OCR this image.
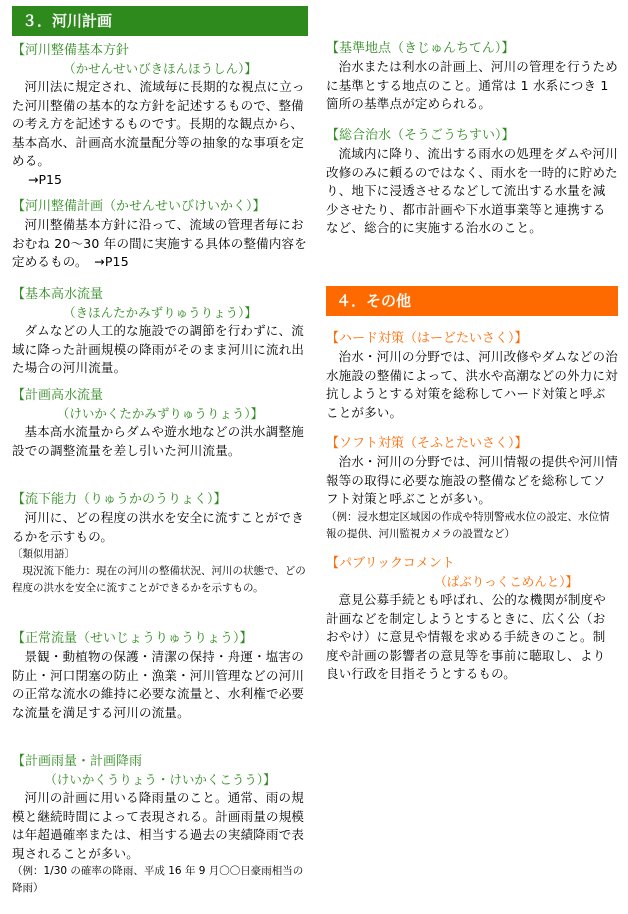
３．河川計画
【河川整備基本方針
（かせんせいびきほんほうしん）】

河川法に規定され、流域毎に長期的な視点に立った河川整備の基本的な方針を記述するもので、整備の考え方を記述するものです。長期的な観点から、基本高水、計画高水流量配分等の抽象的な事項を定める。

→P15
【河川整備計画（かせんせいびけいかく）】

河川整備基本方針に沿って、流域の管理者毎におおむね 20～30 年の間に実施する具体の整備内容を定めるもの。　→P15

【基本高水流量
（きほんたかみずりゅうりょう）】

ダムなどの人工的な施設での調節を行わずに、流域に降った計画規模の降雨がそのまま河川に流れ出た場合の河川流量。

【計画高水流量
（けいかくたかみずりゅうりょう）】

基本高水流量からダムや遊水地などの洪水調整施設での調整流量を差し引いた河川流量。

【流下能力（りゅうかのうりょく）】

河川に、どの程度の洪水を安全に流すことができるかを示すもの。

〔類似用語〕

現況流下能力：現在の河川の整備状況、河川の状態で、どの程度の洪水を安全に流すことができるかを示すもの。

【正常流量（せいじょうりゅうりょう）】

景観・動植物の保護・清潔の保持・舟運・塩害の防止・河口閉塞の防止・漁業・河川管理などの河川の正常な流水の維持に必要な流量と、水利権で必要な流量を満足する河川の流量。

【計画雨量・計画降雨
（けいかくうりょう・けいかくこうう）】

河川の計画に用いる降雨量のこと。通常、雨の規模と継続時間によって表現される。計画雨量の規模は年超過確率または、相当する過去の実績降雨で表現されることが多い。

（例：1/30 の確率の降雨、平成 16 年 9 月〇〇日豪雨相当の降雨）

【基準地点（きじゅんちてん）】

治水または利水の計画上、河川の管理を行うために基準とする地点のこと。通常は 1 水系につき 1 箇所の基準点が定められる。

【総合治水（そうごうちすい）】

流域内に降り、流出する雨水の処理をダムや河川改修のみに頼るのではなく、雨水を一時的に貯めたり、地下に浸透させるなどして流出する水量を減少させたり、都市計画や下水道事業等と連携するなど、総合的に実施する治水のこと。

４．その他
【ハード対策（はーどたいさく）】

治水・河川の分野では、河川改修やダムなどの治水施設の整備によって、洪水や高潮などの外力に対抗しようとする対策を総称してハード対策と呼ぶことが多い。

【ソフト対策（そふとたいさく）】

治水・河川の分野では、河川情報の提供や河川情報等の取得に必要な施設の整備などを総称してソフト対策と呼ぶことが多い。

（例：浸水想定区域図の作成や特別警戒水位の設定、水位情報の提供、河川監視カメラの設置など）

【パブリックコメント
（ぱぶりっくこめんと）】

意見公募手続とも呼ばれ、公的な機関が制度や計画などを制定しようとするときに、広く公（おおやけ）に意見や情報を求める手続きのこと。制度や計画の影響者の意見等を事前に聴取し、より良い行政を目指そうとするもの。
